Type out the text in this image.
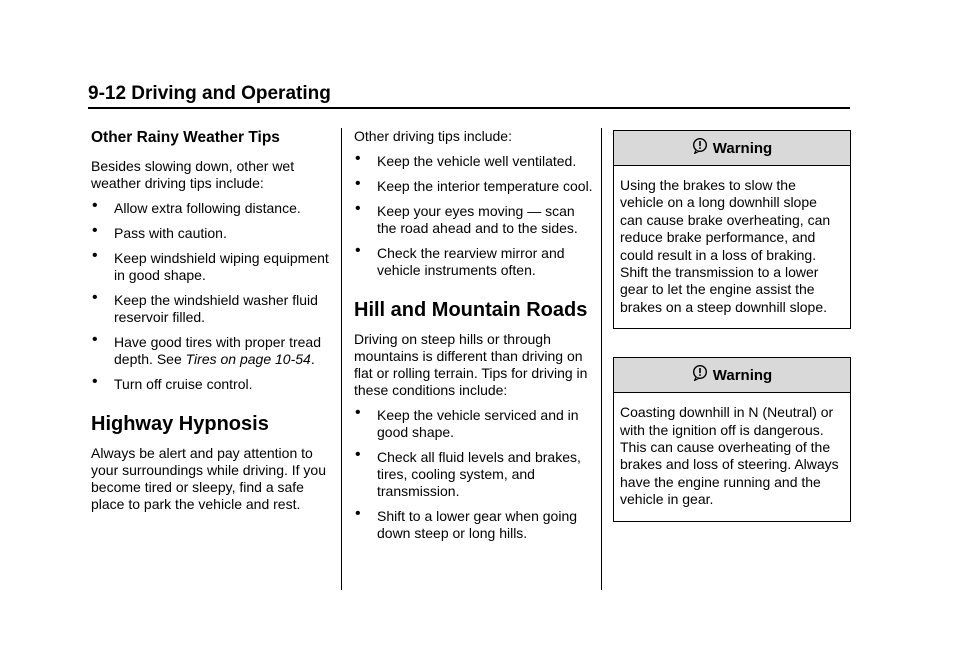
9-12 Driving and Operating
Other Rainy Weather Tips

Besides slowing down, other wet weather driving tips include:

• Allow extra following distance.
• Pass with caution.
• Keep windshield wiping equipment in good shape.
• Keep the windshield washer fluid reservoir filled.
• Have good tires with proper tread depth. See Tires on page 10-54.
• Turn off cruise control.
Highway Hypnosis

Always be alert and pay attention to your surroundings while driving. If you become tired or sleepy, find a safe place to park the vehicle and rest.

Other driving tips include:

• Keep the vehicle well ventilated.
• Keep the interior temperature cool.
• Keep your eyes moving — scan the road ahead and to the sides.
• Check the rearview mirror and vehicle instruments often.
Hill and Mountain Roads

Driving on steep hills or through mountains is different than driving on flat or rolling terrain. Tips for driving in these conditions include:

• Keep the vehicle serviced and in good shape.
• Check all fluid levels and brakes, tires, cooling system, and transmission.
• Shift to a lower gear when going down steep or long hills.
Warning
Using the brakes to slow the vehicle on a long downhill slope can cause brake overheating, can reduce brake performance, and could result in a loss of braking. Shift the transmission to a lower gear to let the engine assist the brakes on a steep downhill slope.
Warning
Coasting downhill in N (Neutral) or with the ignition off is dangerous. This can cause overheating of the brakes and loss of steering. Always have the engine running and the vehicle in gear.
